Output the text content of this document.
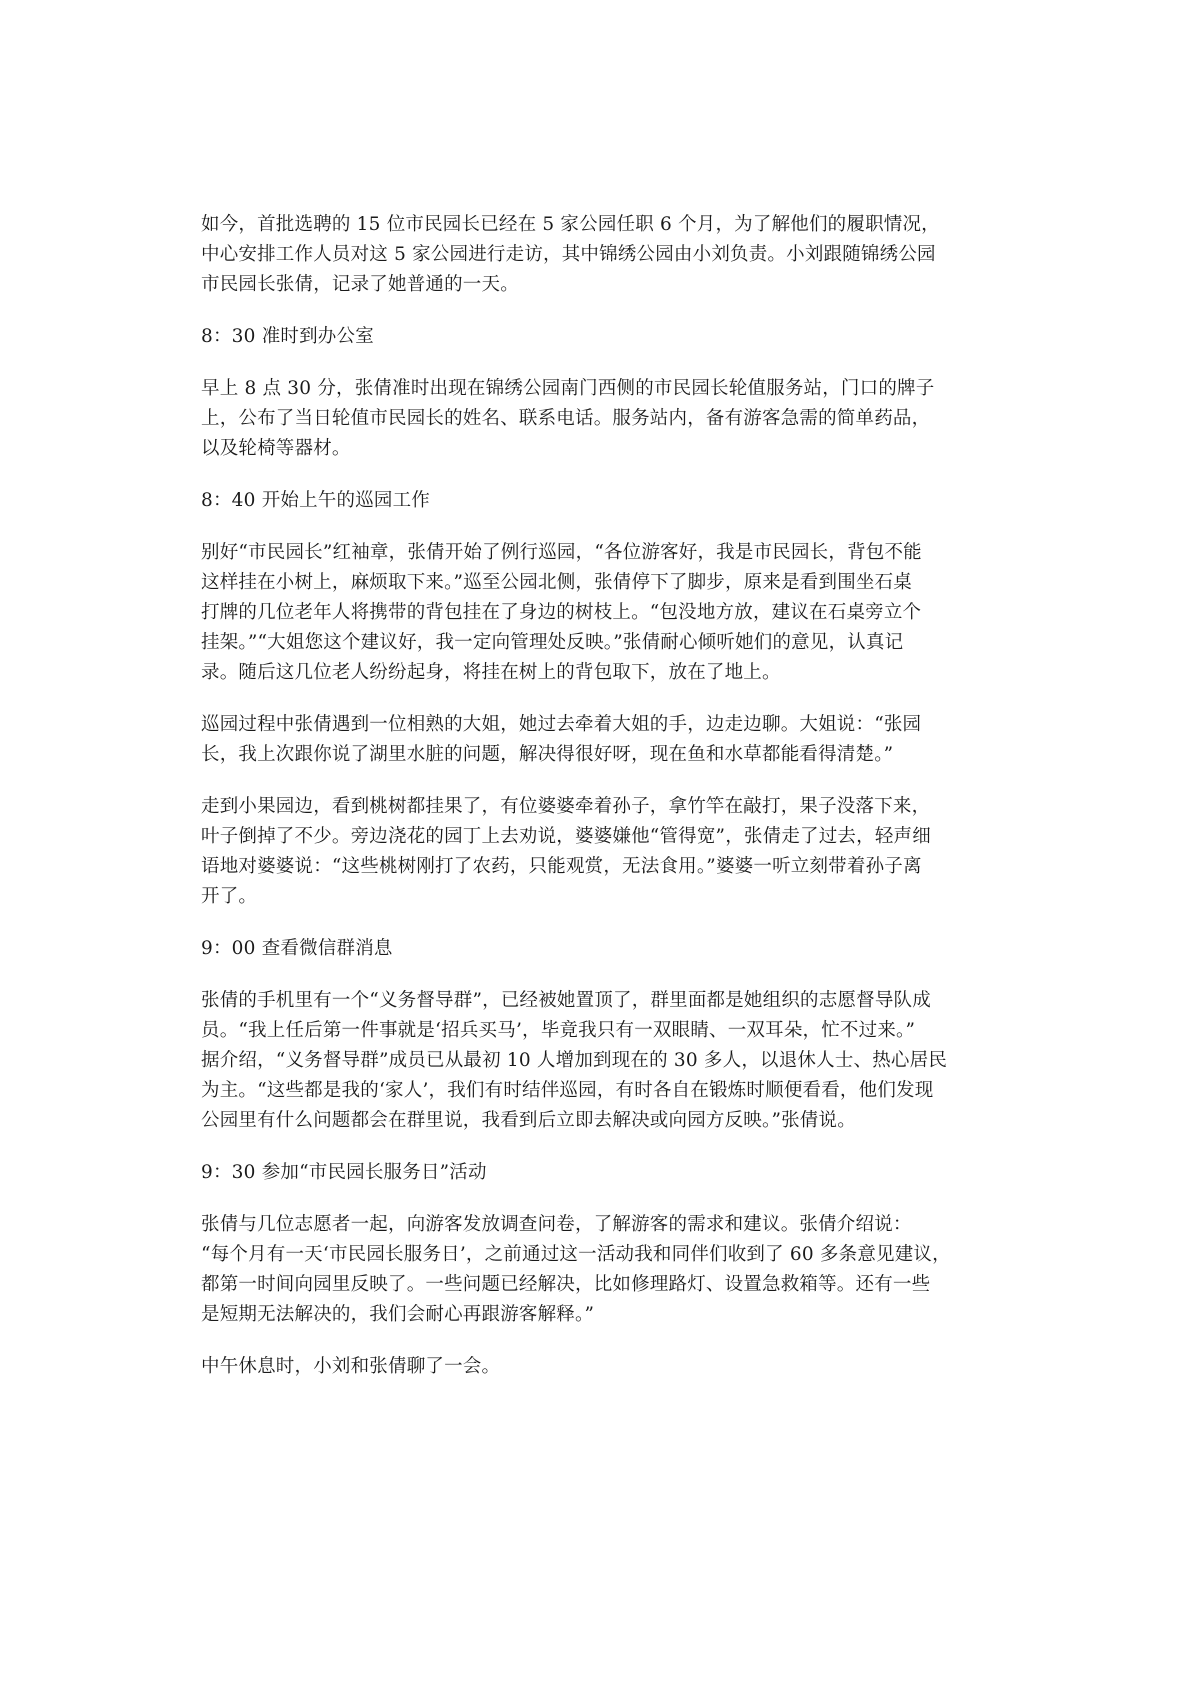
如今，首批选聘的 15 位市民园长已经在 5 家公园任职 6 个月，为了解他们的履职情况，
中心安排工作人员对这 5 家公园进行走访，其中锦绣公园由小刘负责。小刘跟随锦绣公园
市民园长张倩，记录了她普通的一天。

8：30 准时到办公室

早上 8 点 30 分，张倩准时出现在锦绣公园南门西侧的市民园长轮值服务站，门口的牌子
上，公布了当日轮值市民园长的姓名、联系电话。服务站内，备有游客急需的简单药品，
以及轮椅等器材。

8：40 开始上午的巡园工作

别好“市民园长”红袖章，张倩开始了例行巡园，“各位游客好，我是市民园长，背包不能
这样挂在小树上，麻烦取下来。”巡至公园北侧，张倩停下了脚步，原来是看到围坐石桌
打牌的几位老年人将携带的背包挂在了身边的树枝上。“包没地方放，建议在石桌旁立个
挂架。”“大姐您这个建议好，我一定向管理处反映。”张倩耐心倾听她们的意见，认真记
录。随后这几位老人纷纷起身，将挂在树上的背包取下，放在了地上。

巡园过程中张倩遇到一位相熟的大姐，她过去牵着大姐的手，边走边聊。大姐说：“张园
长，我上次跟你说了湖里水脏的问题，解决得很好呀，现在鱼和水草都能看得清楚。”

走到小果园边，看到桃树都挂果了，有位婆婆牵着孙子，拿竹竿在敲打，果子没落下来，
叶子倒掉了不少。旁边浇花的园丁上去劝说，婆婆嫌他“管得宽”，张倩走了过去，轻声细
语地对婆婆说：“这些桃树刚打了农药，只能观赏，无法食用。”婆婆一听立刻带着孙子离
开了。

9：00 查看微信群消息

张倩的手机里有一个“义务督导群”，已经被她置顶了，群里面都是她组织的志愿督导队成
员。“我上任后第一件事就是‘招兵买马’，毕竟我只有一双眼睛、一双耳朵，忙不过来。”
据介绍，“义务督导群”成员已从最初 10 人增加到现在的 30 多人，以退休人士、热心居民
为主。“这些都是我的‘家人’，我们有时结伴巡园，有时各自在锻炼时顺便看看，他们发现
公园里有什么问题都会在群里说，我看到后立即去解决或向园方反映。”张倩说。

9：30 参加“市民园长服务日”活动

张倩与几位志愿者一起，向游客发放调查问卷，了解游客的需求和建议。张倩介绍说：
“每个月有一天‘市民园长服务日’，之前通过这一活动我和同伴们收到了 60 多条意见建议，
都第一时间向园里反映了。一些问题已经解决，比如修理路灯、设置急救箱等。还有一些
是短期无法解决的，我们会耐心再跟游客解释。”

中午休息时，小刘和张倩聊了一会。
